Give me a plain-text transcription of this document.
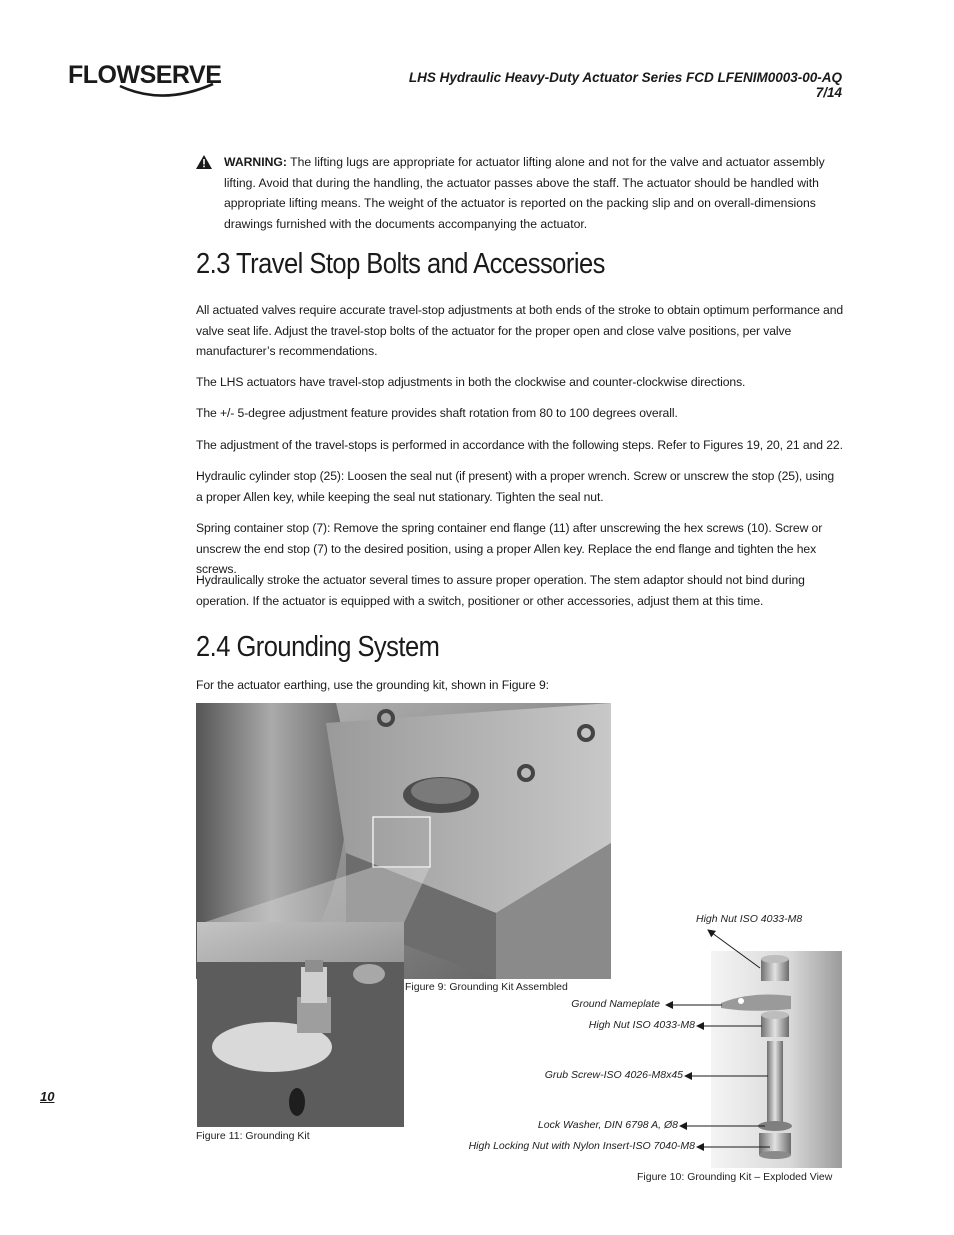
FLOWSERVE	LHS Hydraulic Heavy-Duty Actuator Series FCD LFENIM0003-00-AQ 7/14
WARNING: The lifting lugs are appropriate for actuator lifting alone and not for the valve and actuator assembly lifting. Avoid that during the handling, the actuator passes above the staff. The actuator should be handled with appropriate lifting means. The weight of the actuator is reported on the packing slip and on overall-dimensions drawings furnished with the documents accompanying the actuator.
2.3 Travel Stop Bolts and Accessories

All actuated valves require accurate travel-stop adjustments at both ends of the stroke to obtain optimum performance and valve seat life. Adjust the travel-stop bolts of the actuator for the proper open and close valve positions, per valve manufacturer’s recommendations.

The LHS actuators have travel-stop adjustments in both the clockwise and counter-clockwise directions.

The +/- 5-degree adjustment feature provides shaft rotation from 80 to 100 degrees overall.

The adjustment of the travel-stops is performed in accordance with the following steps. Refer to Figures 19, 20, 21 and 22.

Hydraulic cylinder stop (25): Loosen the seal nut (if present) with a proper wrench. Screw or unscrew the stop (25), using a proper Allen key, while keeping the seal nut stationary. Tighten the seal nut.

Spring container stop (7): Remove the spring container end flange (11) after unscrewing the hex screws (10). Screw or unscrew the end stop (7) to the desired position, using a proper Allen key. Replace the end flange and tighten the hex screws.

Hydraulically stroke the actuator several times to assure proper operation. The stem adaptor should not bind during operation. If the actuator is equipped with a switch, positioner or other accessories, adjust them at this time.

2.4 Grounding System

For the actuator earthing, use the grounding kit, shown in Figure 9:

Figure 9: Grounding Kit Assembled
Figure 11: Grounding Kit
Figure 10: Grounding Kit – Exploded View
High Nut ISO 4033-M8
Ground Nameplate
High Nut ISO 4033-M8
Grub Screw-ISO 4026-M8x45
Lock Washer, DIN 6798 A, Ø8
High Locking Nut with Nylon Insert-ISO 7040-M8
10
